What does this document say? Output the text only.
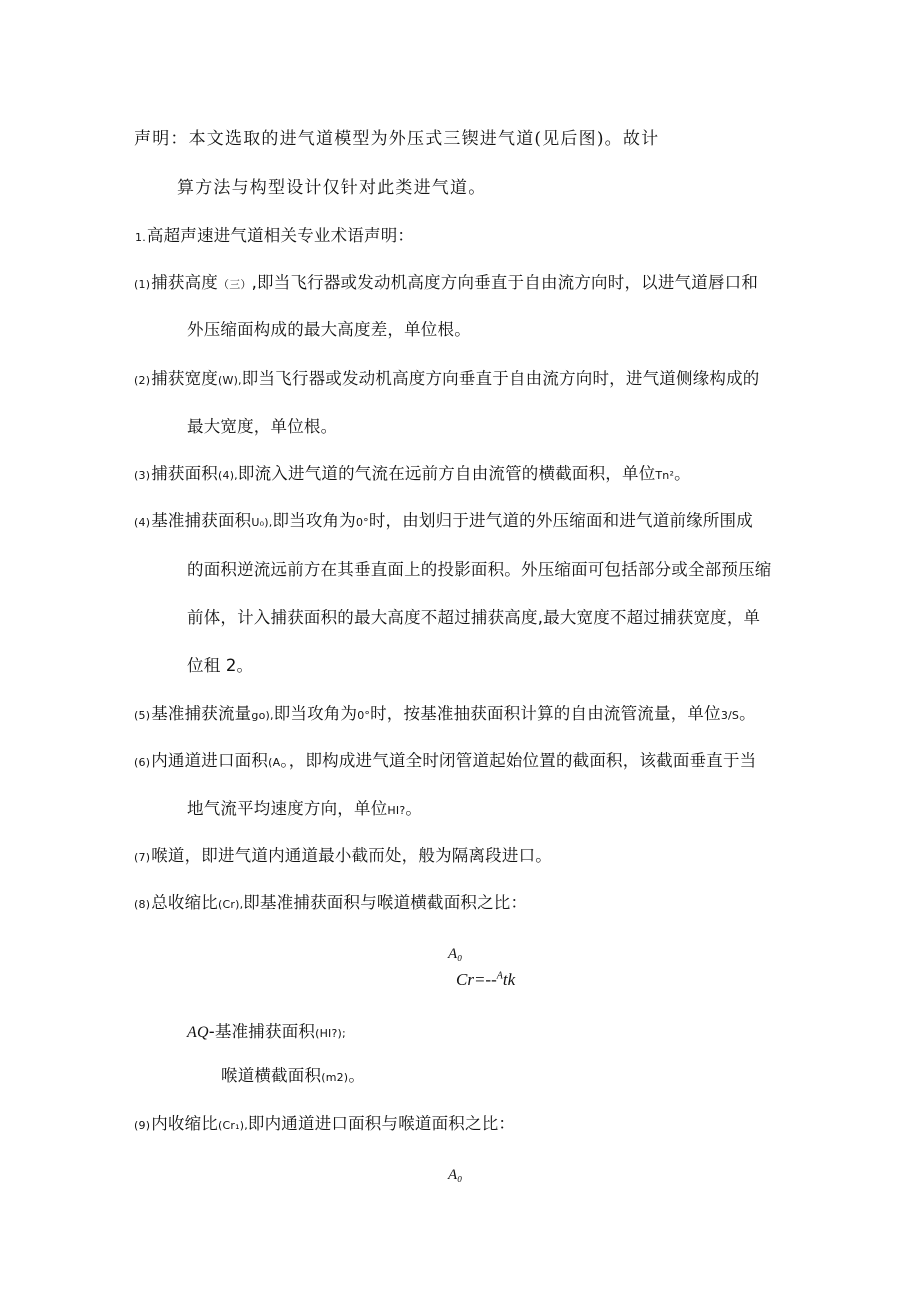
声明：本文选取的进气道模型为外压式三锲进气道(见后图)。故计
算方法与构型设计仅针对此类进气道。
1.高超声速进气道相关专业术语声明：
(1)捕获高度（三）,即当飞行器或发动机高度方向垂直于自由流方向时，以进气道唇口和
外压缩面构成的最大高度差，单位根。
(2)捕获宽度(W),即当飞行器或发动机高度方向垂直于自由流方向时，进气道侧缘构成的
最大宽度，单位根。
(3)捕获面积(4),即流入进气道的气流在远前方自由流管的横截面积，单位Tn²。
(4)基准捕获面积U₀),即当攻角为0°时，由划归于进气道的外压缩面和进气道前缘所围成
的面积逆流远前方在其垂直面上的投影面积。外压缩面可包括部分或全部预压缩
前体，计入捕获面积的最大高度不超过捕获高度,最大宽度不超过捕获宽度，单
位租 2。
(5)基准捕获流量go),即当攻角为0°时，按基准抽获面积计算的自由流管流量，单位3/S。
(6)内通道进口面积(A。，即构成进气道全时闭管道起始位置的截面积，该截面垂直于当
地气流平均速度方向，单位HI?。
(7)喉道，即进气道内通道最小截而处，般为隔离段进口。
(8)总收缩比(Cr),即基准捕获面积与喉道横截面积之比：
A₀
Cr=--$^A$tk
AQ-基准捕获面积(HI?);
喉道横截面积(m2)。
(9)内收缩比(Cr₁),即内通道进口面积与喉道面积之比：
A₀
